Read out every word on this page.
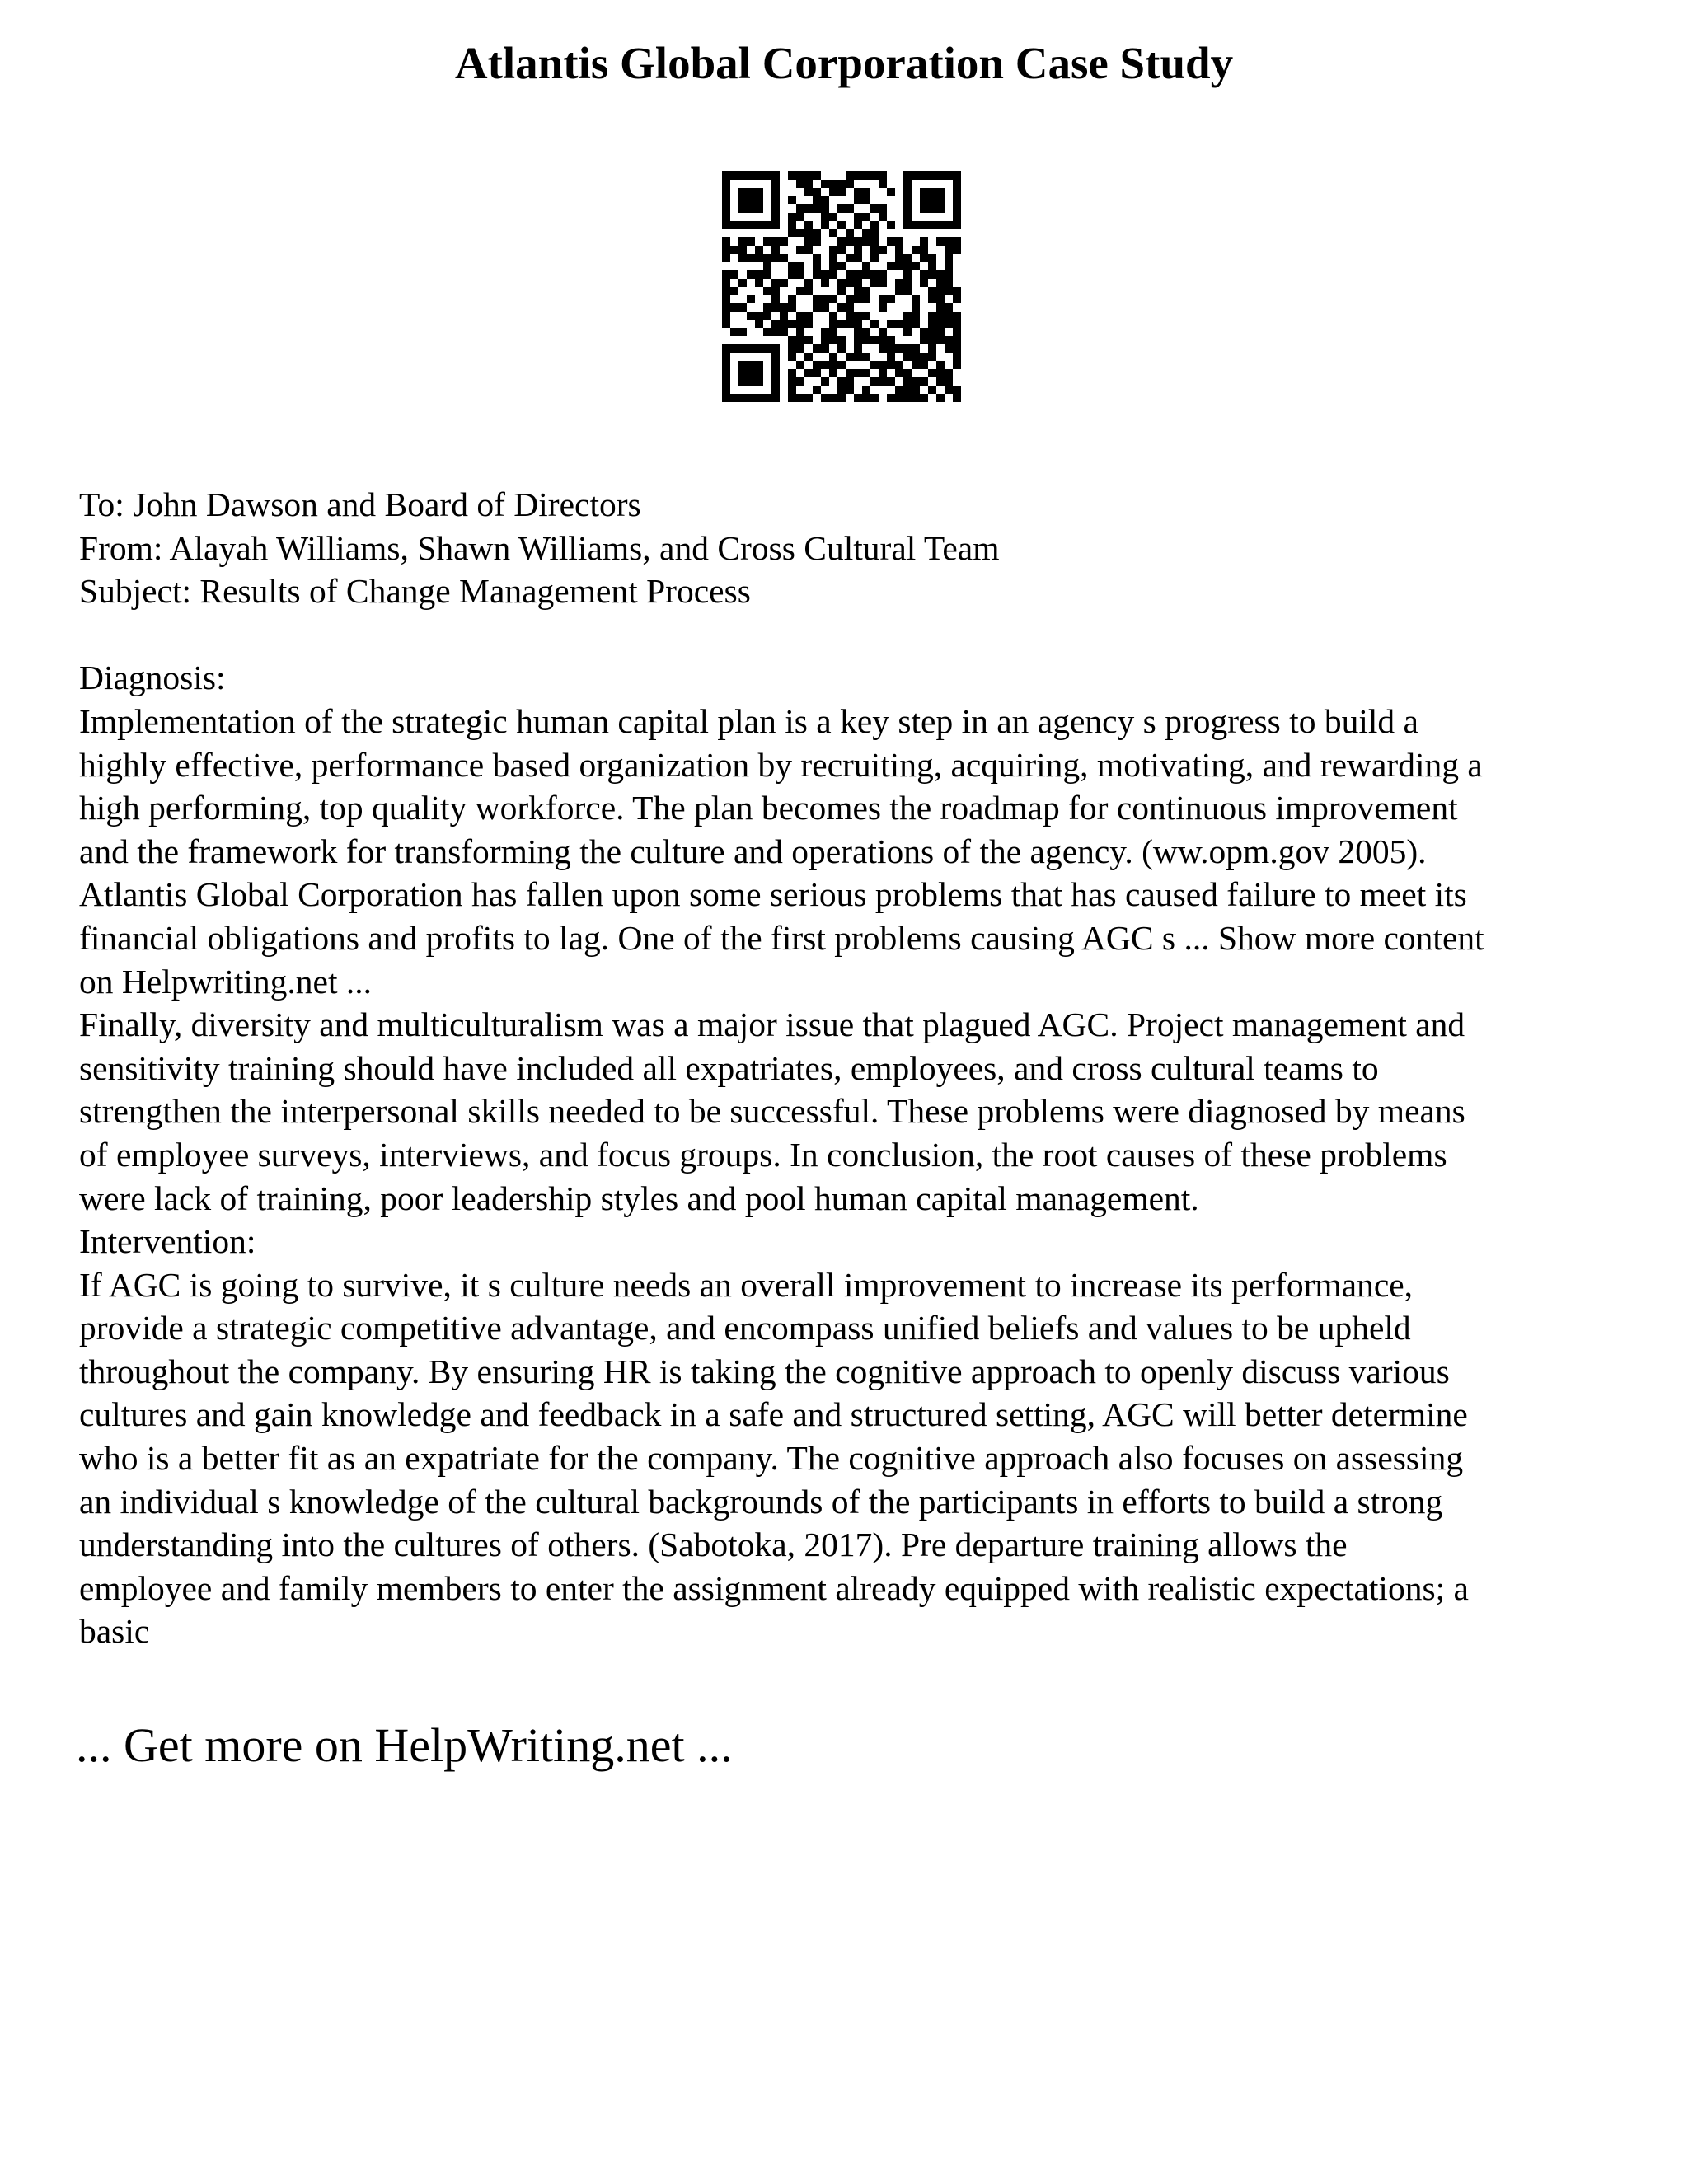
Atlantis Global Corporation Case Study
To: John Dawson and Board of Directors
From: Alayah Williams, Shawn Williams, and Cross Cultural Team
Subject: Results of Change Management Process
Diagnosis:
Implementation of the strategic human capital plan is a key step in an agency s progress to build a
highly effective, performance based organization by recruiting, acquiring, motivating, and rewarding a
high performing, top quality workforce. The plan becomes the roadmap for continuous improvement
and the framework for transforming the culture and operations of the agency. (ww.opm.gov 2005).
Atlantis Global Corporation has fallen upon some serious problems that has caused failure to meet its
financial obligations and profits to lag. One of the first problems causing AGC s ... Show more content
on Helpwriting.net ...
Finally, diversity and multiculturalism was a major issue that plagued AGC. Project management and
sensitivity training should have included all expatriates, employees, and cross cultural teams to
strengthen the interpersonal skills needed to be successful. These problems were diagnosed by means
of employee surveys, interviews, and focus groups. In conclusion, the root causes of these problems
were lack of training, poor leadership styles and pool human capital management.
Intervention:
If AGC is going to survive, it s culture needs an overall improvement to increase its performance,
provide a strategic competitive advantage, and encompass unified beliefs and values to be upheld
throughout the company. By ensuring HR is taking the cognitive approach to openly discuss various
cultures and gain knowledge and feedback in a safe and structured setting, AGC will better determine
who is a better fit as an expatriate for the company. The cognitive approach also focuses on assessing
an individual s knowledge of the cultural backgrounds of the participants in efforts to build a strong
understanding into the cultures of others. (Sabotoka, 2017). Pre departure training allows the
employee and family members to enter the assignment already equipped with realistic expectations; a
basic
... Get more on HelpWriting.net ...
